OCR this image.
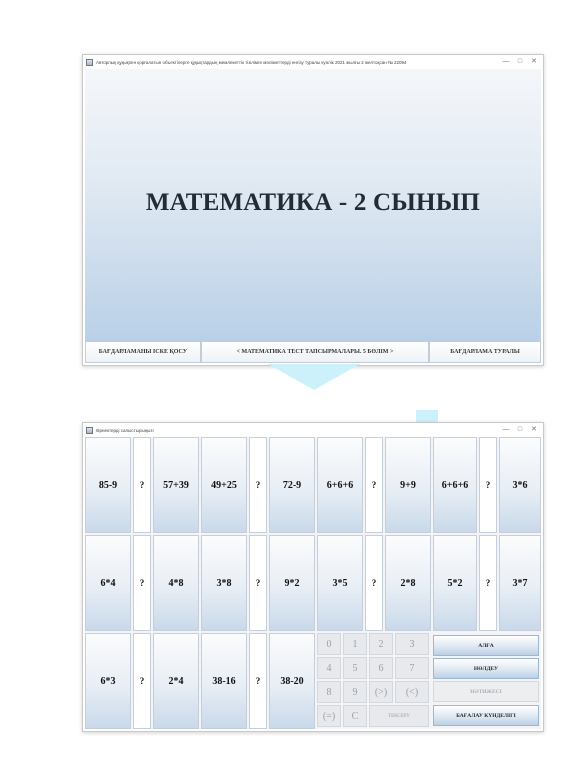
Авторлық құқықпен қорғалатын объектілерге құқықтардың мемлекеттік тізілімге мәліметтерді енгізу туралы куәлік 2021 жылғы 2 желтоқсан № 22094	—	□	✕
МАТЕМАТИКА - 2 СЫНЫП
БАҒДАРЛАМАНЫ ІСКЕ ҚОСУ	< МАТЕМАТИКА ТЕСТ ТАПСЫРМАЛАРЫ. 5 БӨЛІМ >	БАҒДАРЛАМА ТУРАЛЫ
Өрнектерді салыстырыңыз!	—	□	✕
85-9	?	57+39	49+25	?	72-9	6+6+6	?	9+9	6+6+6	?	3*6
6*4	?	4*8	3*8	?	9*2	3*5	?	2*8	5*2	?	3*7
6*3	?	2*4	38-16	?	38-20
0	1	2	3
4	5	6	7
8	9	(>)	(<)
(=)	C	ТЕКСЕРУ
АЛҒА
НӨЛДЕУ
НӘТИЖЕСІ
БАҒАЛАУ КҮНДЕЛІГІ
